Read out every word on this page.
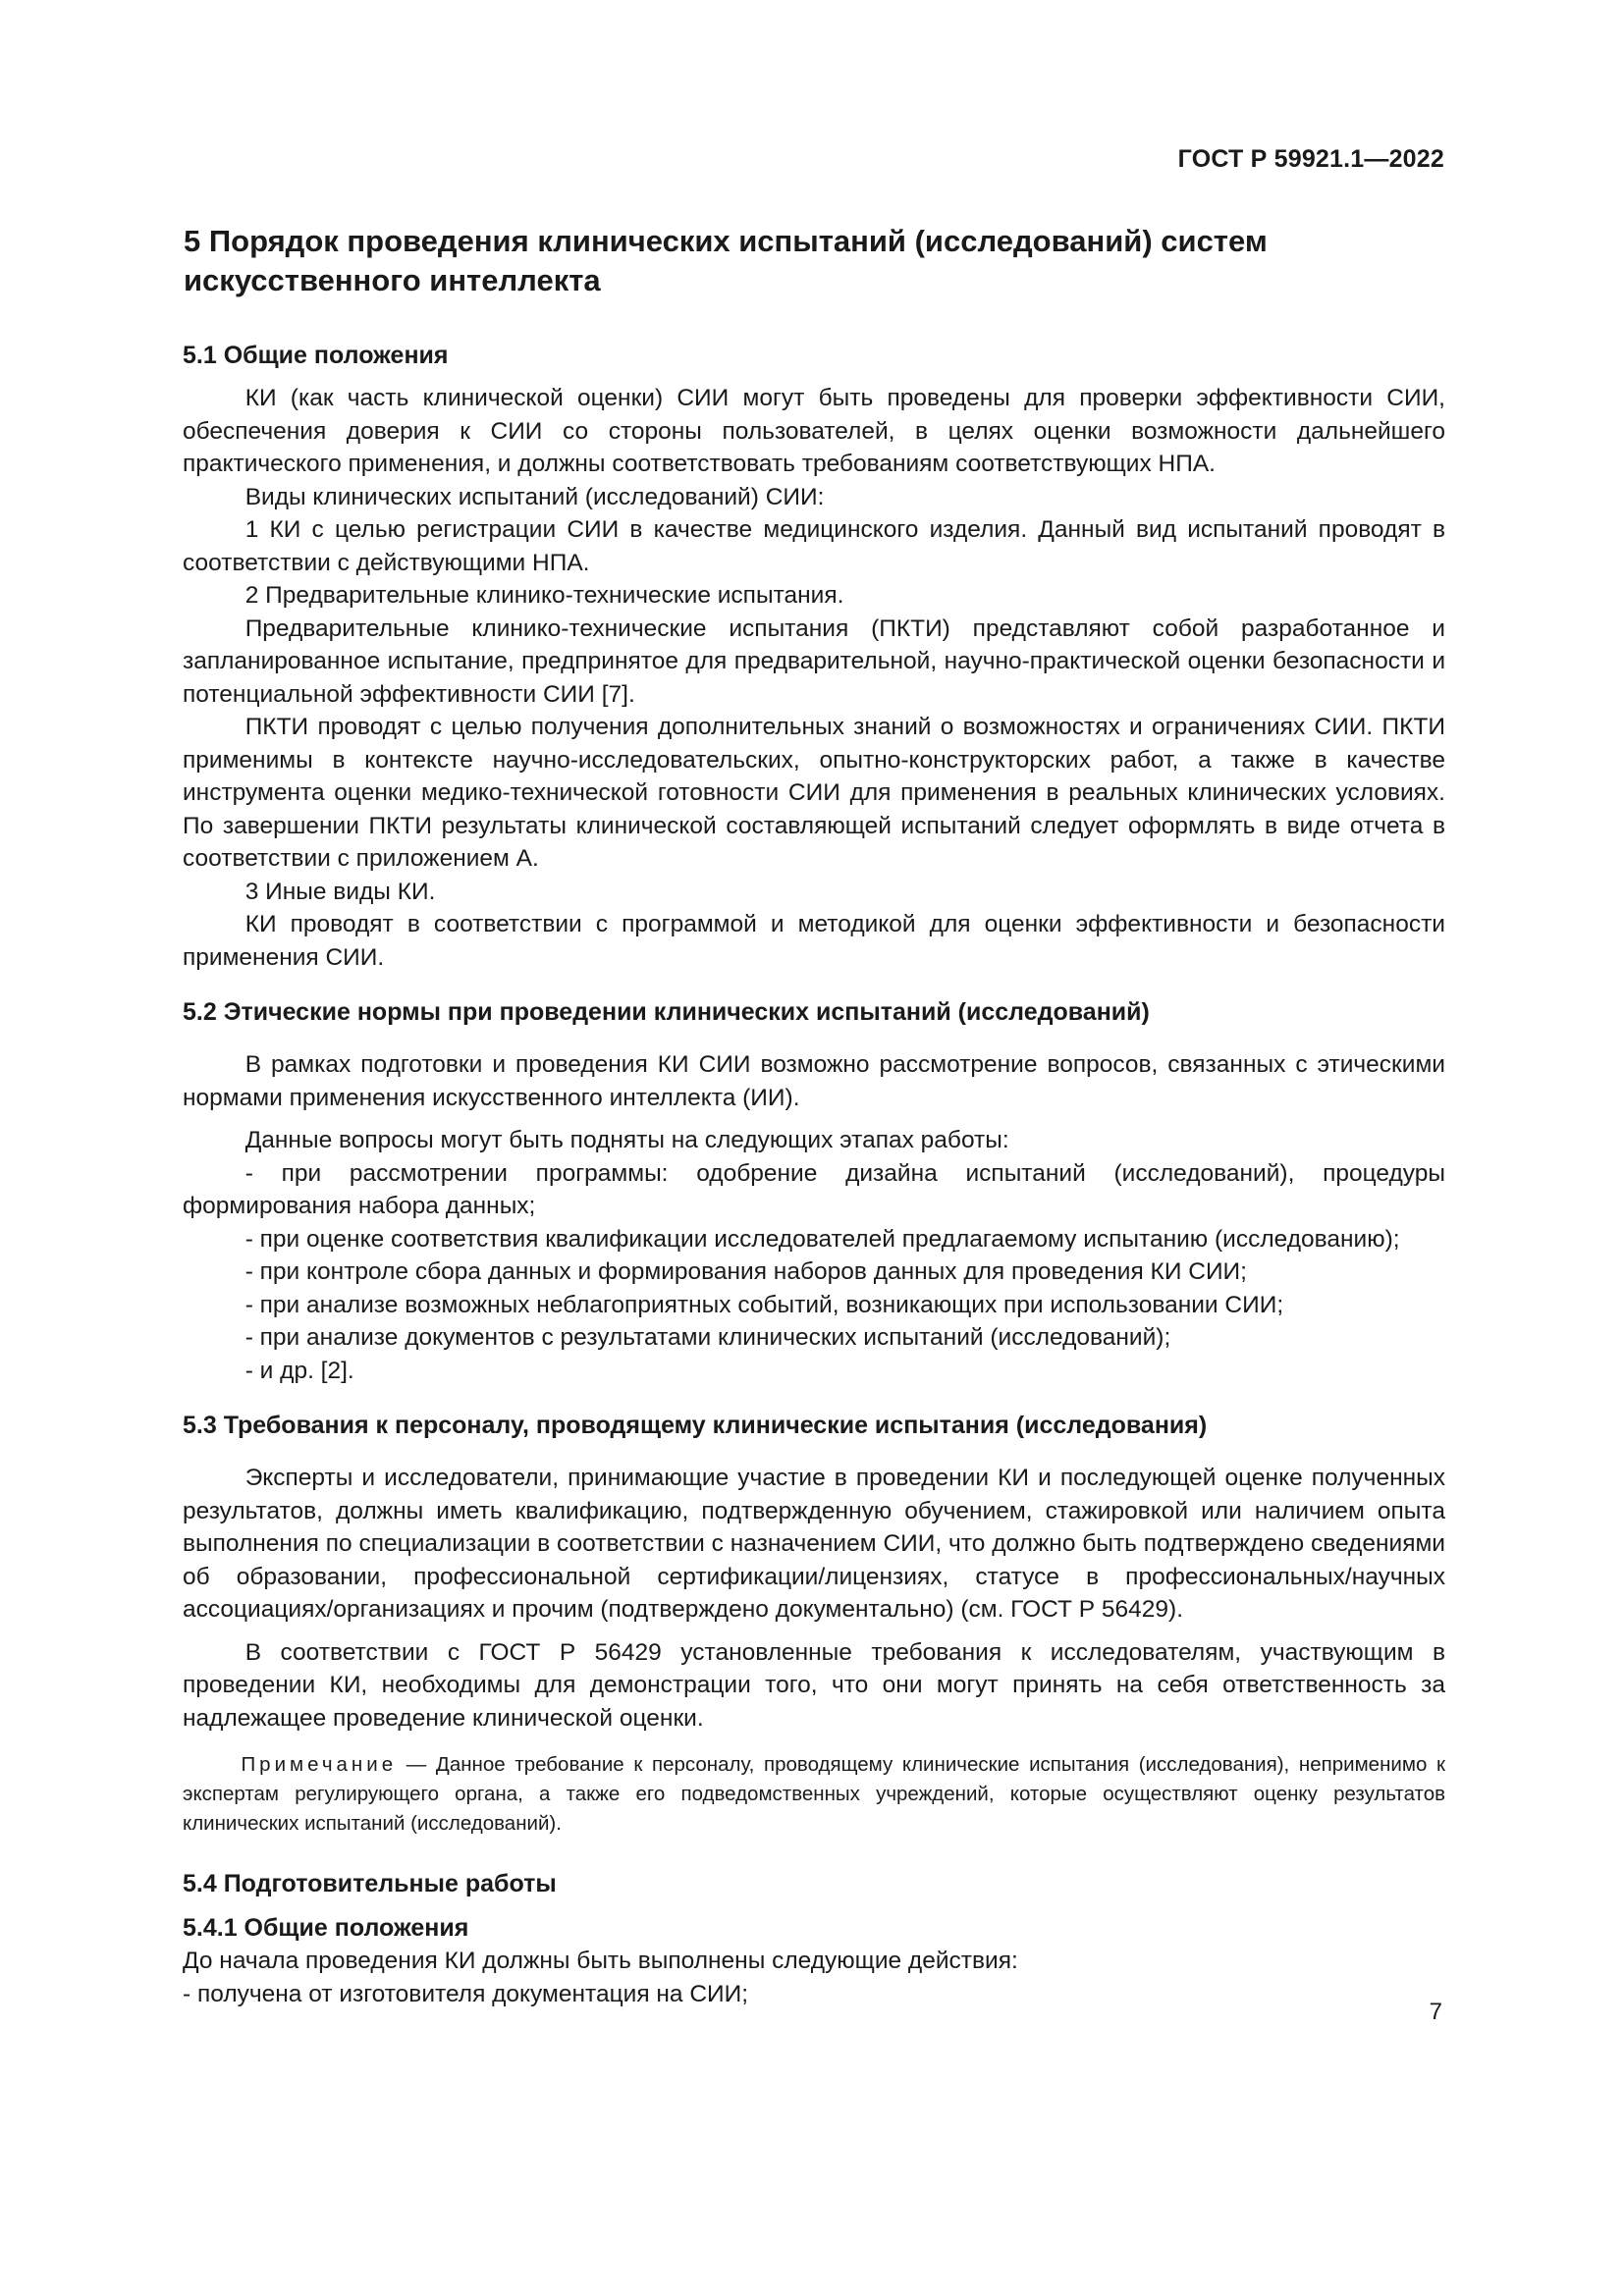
ГОСТ Р 59921.1—2022
5 Порядок проведения клинических испытаний (исследований) систем искусственного интеллекта
5.1 Общие положения

КИ (как часть клинической оценки) СИИ могут быть проведены для проверки эффективности СИИ, обеспечения доверия к СИИ со стороны пользователей, в целях оценки возможности дальнейшего практического применения, и должны соответствовать требованиям соответствующих НПА.

Виды клинических испытаний (исследований) СИИ:

1 КИ с целью регистрации СИИ в качестве медицинского изделия. Данный вид испытаний проводят в соответствии с действующими НПА.

2 Предварительные клинико-технические испытания.

Предварительные клинико-технические испытания (ПКТИ) представляют собой разработанное и запланированное испытание, предпринятое для предварительной, научно-практической оценки безопасности и потенциальной эффективности СИИ [7].

ПКТИ проводят с целью получения дополнительных знаний о возможностях и ограничениях СИИ. ПКТИ применимы в контексте научно-исследовательских, опытно-конструкторских работ, а также в качестве инструмента оценки медико-технической готовности СИИ для применения в реальных клинических условиях. По завершении ПКТИ результаты клинической составляющей испытаний следует оформлять в виде отчета в соответствии с приложением А.

3 Иные виды КИ.

КИ проводят в соответствии с программой и методикой для оценки эффективности и безопасности применения СИИ.

5.2 Этические нормы при проведении клинических испытаний (исследований)

В рамках подготовки и проведения КИ СИИ возможно рассмотрение вопросов, связанных с этическими нормами применения искусственного интеллекта (ИИ).

Данные вопросы могут быть подняты на следующих этапах работы:

- при рассмотрении программы: одобрение дизайна испытаний (исследований), процедуры формирования набора данных;

- при оценке соответствия квалификации исследователей предлагаемому испытанию (исследованию);

- при контроле сбора данных и формирования наборов данных для проведения КИ СИИ;

- при анализе возможных неблагоприятных событий, возникающих при использовании СИИ;

- при анализе документов с результатами клинических испытаний (исследований);

- и др. [2].

5.3 Требования к персоналу, проводящему клинические испытания (исследования)

Эксперты и исследователи, принимающие участие в проведении КИ и последующей оценке полученных результатов, должны иметь квалификацию, подтвержденную обучением, стажировкой или наличием опыта выполнения по специализации в соответствии с назначением СИИ, что должно быть подтверждено сведениями об образовании, профессиональной сертификации/лицензиях, статусе в профессиональных/научных ассоциациях/организациях и прочим (подтверждено документально) (см. ГОСТ Р 56429).

В соответствии с ГОСТ Р 56429 установленные требования к исследователям, участвующим в проведении КИ, необходимы для демонстрации того, что они могут принять на себя ответственность за надлежащее проведение клинической оценки.

Примечание — Данное требование к персоналу, проводящему клинические испытания (исследования), неприменимо к экспертам регулирующего органа, а также его подведомственных учреждений, которые осуществляют оценку результатов клинических испытаний (исследований).
5.4 Подготовительные работы
5.4.1 Общие положения

До начала проведения КИ должны быть выполнены следующие действия:

- получена от изготовителя документация на СИИ;

7
